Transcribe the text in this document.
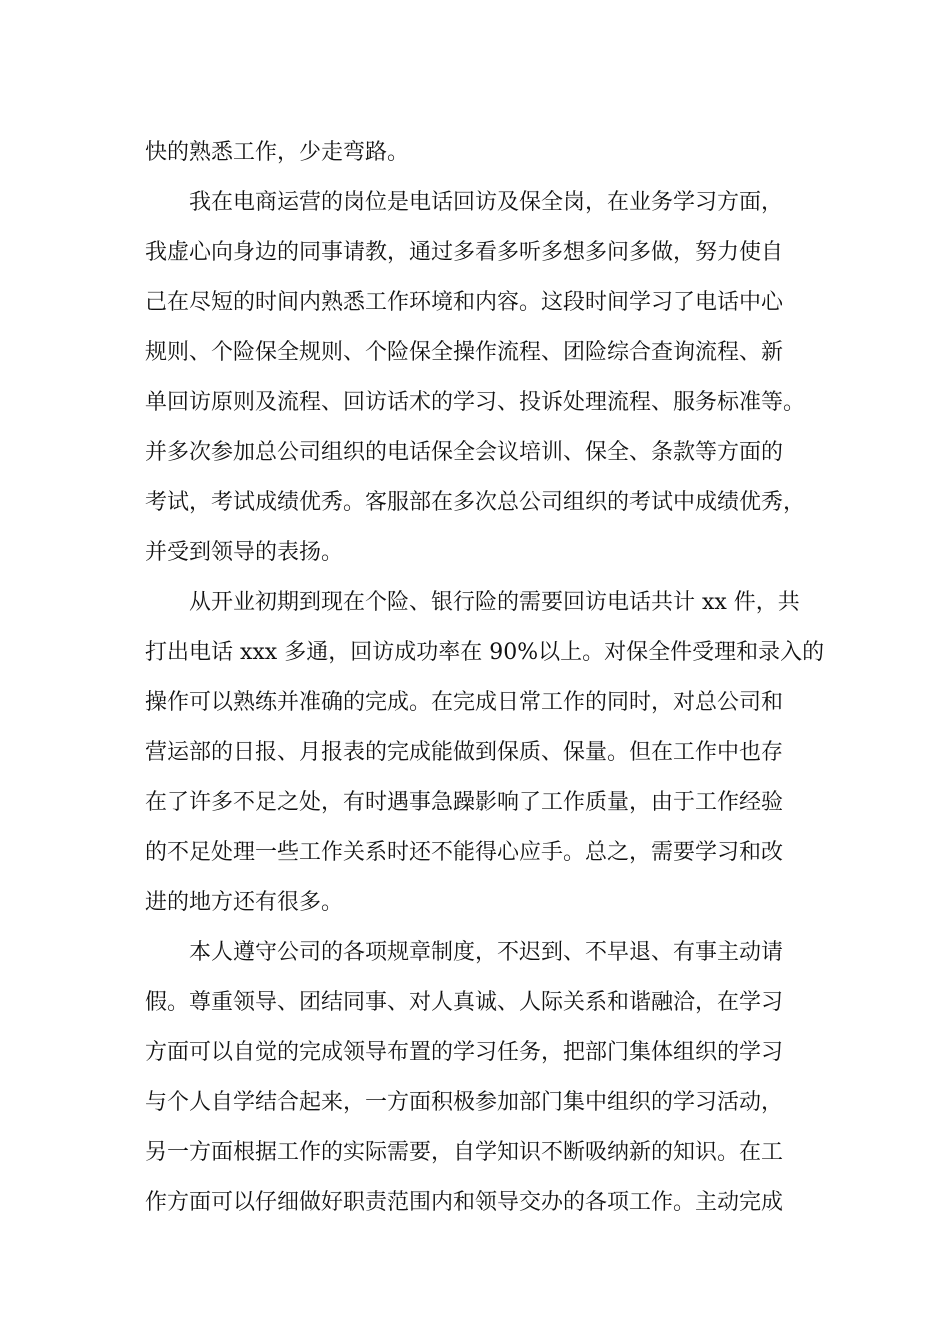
快的熟悉工作，少走弯路。

我在电商运营的岗位是电话回访及保全岗，在业务学习方面，

我虚心向身边的同事请教，通过多看多听多想多问多做，努力使自

己在尽短的时间内熟悉工作环境和内容。这段时间学习了电话中心

规则、个险保全规则、个险保全操作流程、团险综合查询流程、新

单回访原则及流程、回访话术的学习、投诉处理流程、服务标准等。

并多次参加总公司组织的电话保全会议培训、保全、条款等方面的

考试，考试成绩优秀。客服部在多次总公司组织的考试中成绩优秀，

并受到领导的表扬。

从开业初期到现在个险、银行险的需要回访电话共计 xx 件，共

打出电话 xxx 多通，回访成功率在 90%以上。对保全件受理和录入的

操作可以熟练并准确的完成。在完成日常工作的同时，对总公司和

营运部的日报、月报表的完成能做到保质、保量。但在工作中也存

在了许多不足之处，有时遇事急躁影响了工作质量，由于工作经验

的不足处理一些工作关系时还不能得心应手。总之，需要学习和改

进的地方还有很多。

本人遵守公司的各项规章制度，不迟到、不早退、有事主动请

假。尊重领导、团结同事、对人真诚、人际关系和谐融洽，在学习

方面可以自觉的完成领导布置的学习任务，把部门集体组织的学习

与个人自学结合起来，一方面积极参加部门集中组织的学习活动，

另一方面根据工作的实际需要，自学知识不断吸纳新的知识。在工

作方面可以仔细做好职责范围内和领导交办的各项工作。主动完成
